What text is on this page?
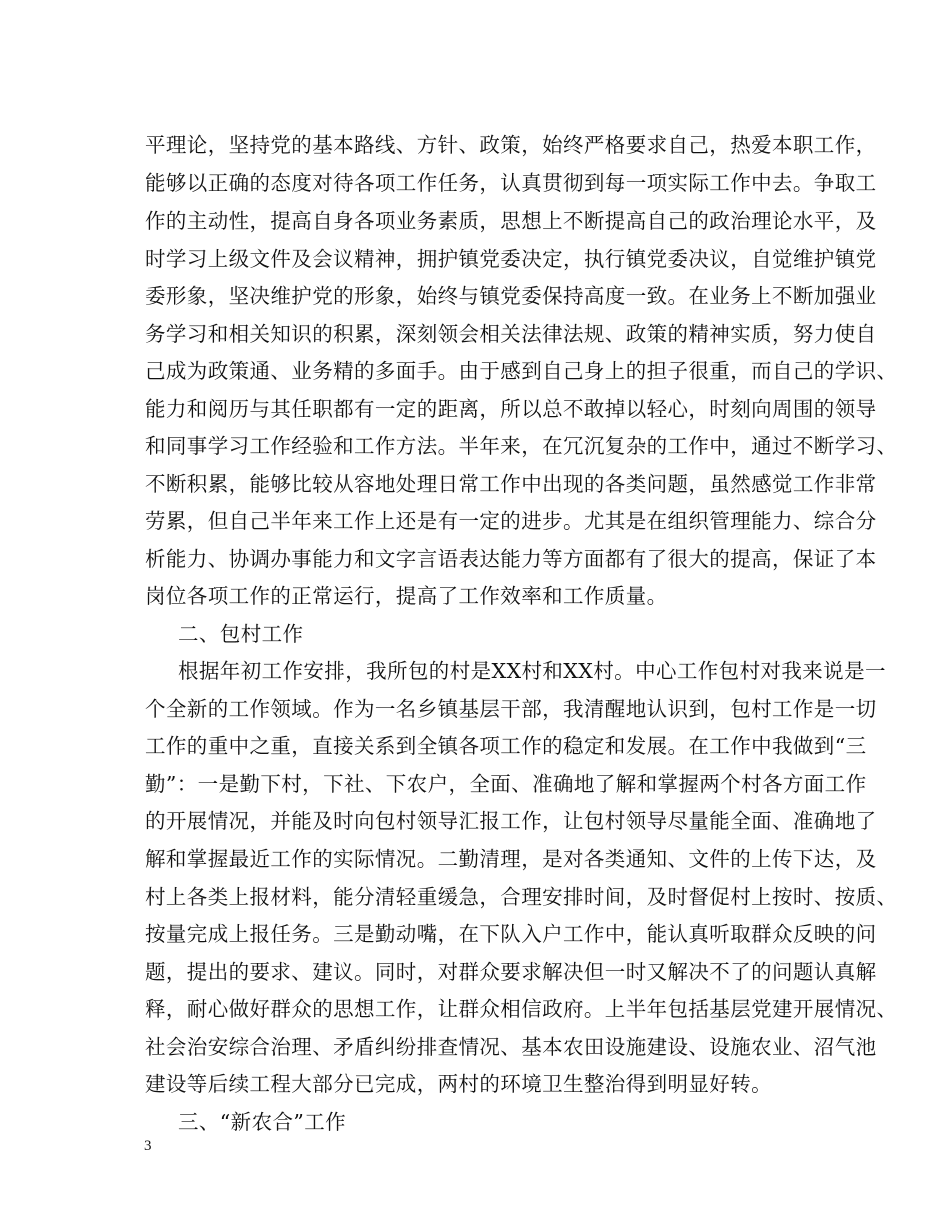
平理论，坚持党的基本路线、方针、政策，始终严格要求自己，热爱本职工作，
能够以正确的态度对待各项工作任务，认真贯彻到每一项实际工作中去。争取工
作的主动性，提高自身各项业务素质，思想上不断提高自己的政治理论水平，及
时学习上级文件及会议精神，拥护镇党委决定，执行镇党委决议，自觉维护镇党
委形象，坚决维护党的形象，始终与镇党委保持高度一致。在业务上不断加强业
务学习和相关知识的积累，深刻领会相关法律法规、政策的精神实质，努力使自
己成为政策通、业务精的多面手。由于感到自己身上的担子很重，而自己的学识、
能力和阅历与其任职都有一定的距离，所以总不敢掉以轻心，时刻向周围的领导
和同事学习工作经验和工作方法。半年来，在冗沉复杂的工作中，通过不断学习、
不断积累，能够比较从容地处理日常工作中出现的各类问题，虽然感觉工作非常
劳累，但自己半年来工作上还是有一定的进步。尤其是在组织管理能力、综合分
析能力、协调办事能力和文字言语表达能力等方面都有了很大的提高，保证了本
岗位各项工作的正常运行，提高了工作效率和工作质量。
二、包村工作
根据年初工作安排，我所包的村是XX村和XX村。中心工作包村对我来说是一
个全新的工作领域。作为一名乡镇基层干部，我清醒地认识到，包村工作是一切
工作的重中之重，直接关系到全镇各项工作的稳定和发展。在工作中我做到“三
勤”：一是勤下村，下社、下农户，全面、准确地了解和掌握两个村各方面工作
的开展情况，并能及时向包村领导汇报工作，让包村领导尽量能全面、准确地了
解和掌握最近工作的实际情况。二勤清理，是对各类通知、文件的上传下达，及
村上各类上报材料，能分清轻重缓急，合理安排时间，及时督促村上按时、按质、
按量完成上报任务。三是勤动嘴，在下队入户工作中，能认真听取群众反映的问
题，提出的要求、建议。同时，对群众要求解决但一时又解决不了的问题认真解
释，耐心做好群众的思想工作，让群众相信政府。上半年包括基层党建开展情况、
社会治安综合治理、矛盾纠纷排查情况、基本农田设施建设、设施农业、沼气池
建设等后续工程大部分已完成，两村的环境卫生整治得到明显好转。
三、“新农合”工作
3
